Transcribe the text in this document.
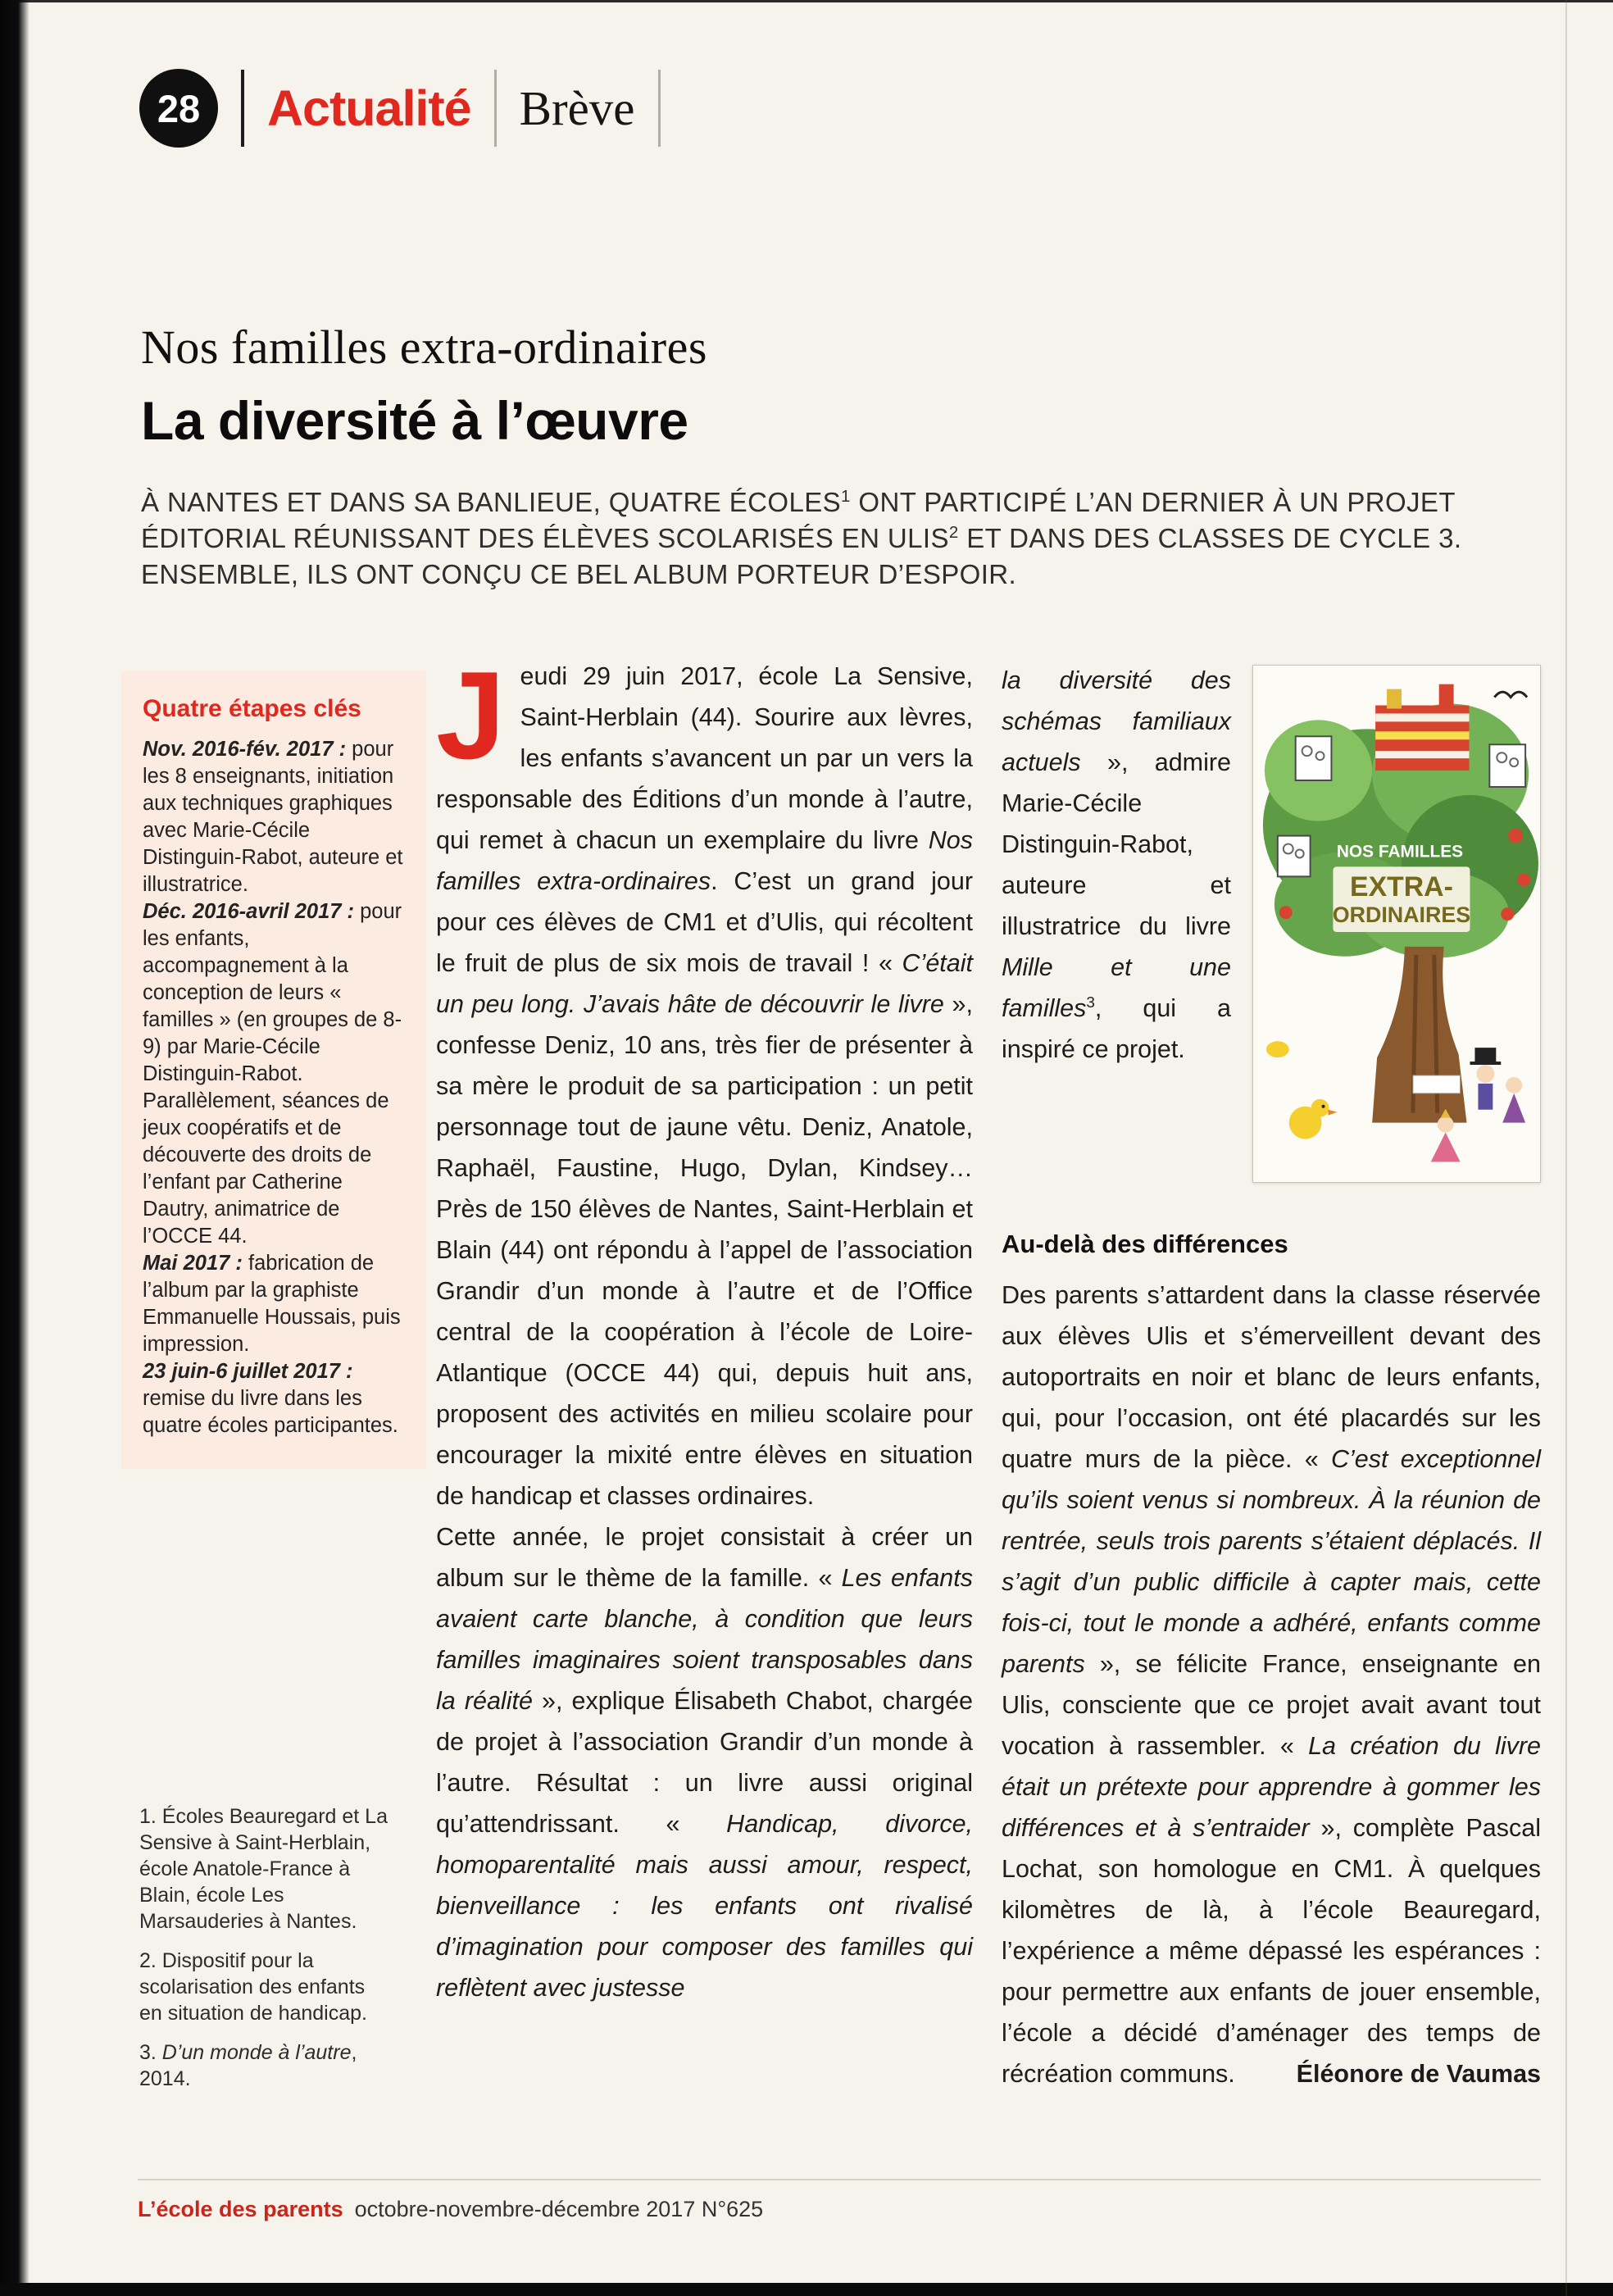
28 Actualité Brève
Nos familles extra-ordinaires
La diversité à l’œuvre

À NANTES ET DANS SA BANLIEUE, QUATRE ÉCOLES$^1$ ONT PARTICIPÉ L’AN DERNIER À UN PROJET ÉDITORIAL RÉUNISSANT DES ÉLÈVES SCOLARISÉS EN ULIS$^2$ ET DANS DES CLASSES DE CYCLE 3. ENSEMBLE, ILS ONT CONÇU CE BEL ALBUM PORTEUR D’ESPOIR.

Quatre étapes clés

Nov. 2016-fév. 2017 : pour les 8 enseignants, initiation aux techniques graphiques avec Marie-Cécile Distinguin-Rabot, auteure et illustratrice.

Déc. 2016-avril 2017 : pour les enfants, accompagnement à la conception de leurs « familles » (en groupes de 8-9) par Marie-Cécile Distinguin-Rabot. Parallèlement, séances de jeux coopératifs et de découverte des droits de l’enfant par Catherine Dautry, animatrice de l’OCCE 44.

Mai 2017 : fabrication de l’album par la graphiste Emmanuelle Houssais, puis impression.

23 juin-6 juillet 2017 : remise du livre dans les quatre écoles participantes.

1. Écoles Beauregard et La Sensive à Saint-Herblain, école Anatole-France à Blain, école Les Marsauderies à Nantes.

2. Dispositif pour la scolarisation des enfants en situation de handicap.

3. D’un monde à l’autre, 2014.

Jeudi 29 juin 2017, école La Sensive, Saint-Herblain (44). Sourire aux lèvres, les enfants s’avancent un par un vers la responsable des Éditions d’un monde à l’autre, qui remet à chacun un exemplaire du livre Nos familles extra-ordinaires. C’est un grand jour pour ces élèves de CM1 et d’Ulis, qui récoltent le fruit de plus de six mois de travail ! « C’était un peu long. J’avais hâte de découvrir le livre », confesse Deniz, 10 ans, très fier de présenter à sa mère le produit de sa participation : un petit personnage tout de jaune vêtu. Deniz, Anatole, Raphaël, Faustine, Hugo, Dylan, Kindsey… Près de 150 élèves de Nantes, Saint-Herblain et Blain (44) ont répondu à l’appel de l’association Grandir d’un monde à l’autre et de l’Office central de la coopération à l’école de Loire-Atlantique (OCCE 44) qui, depuis huit ans, proposent des activités en milieu scolaire pour encourager la mixité entre élèves en situation de handicap et classes ordinaires.

Cette année, le projet consistait à créer un album sur le thème de la famille. « Les enfants avaient carte blanche, à condition que leurs familles imaginaires soient transposables dans la réalité », explique Élisabeth Chabot, chargée de projet à l’association Grandir d’un monde à l’autre. Résultat : un livre aussi original qu’attendrissant. « Handicap, divorce, homoparentalité mais aussi amour, respect, bienveillance : les enfants ont rivalisé d’imagination pour composer des familles qui reflètent avec justesse

NOS FAMILLES
EXTRA-
ORDINAIRES

la diversité des schémas familiaux actuels », admire Marie-Cécile Distinguin-Rabot, auteure et illustratrice du livre Mille et une familles$^3$, qui a inspiré ce projet.

Au-delà des différences

Des parents s’attardent dans la classe réservée aux élèves Ulis et s’émerveillent devant des autoportraits en noir et blanc de leurs enfants, qui, pour l’occasion, ont été placardés sur les quatre murs de la pièce. « C’est exceptionnel qu’ils soient venus si nombreux. À la réunion de rentrée, seuls trois parents s’étaient déplacés. Il s’agit d’un public difficile à capter mais, cette fois-ci, tout le monde a adhéré, enfants comme parents », se félicite France, enseignante en Ulis, consciente que ce projet avait avant tout vocation à rassembler. « La création du livre était un prétexte pour apprendre à gommer les différences et à s’entraider », complète Pascal Lochat, son homologue en CM1. À quelques kilomètres de là, à l’école Beauregard, l’expérience a même dépassé les espérances : pour permettre aux enfants de jouer ensemble, l’école a décidé d’aménager des temps de récréation communs. Éléonore de Vaumas

L’école des parents octobre-novembre-décembre 2017 N°625
